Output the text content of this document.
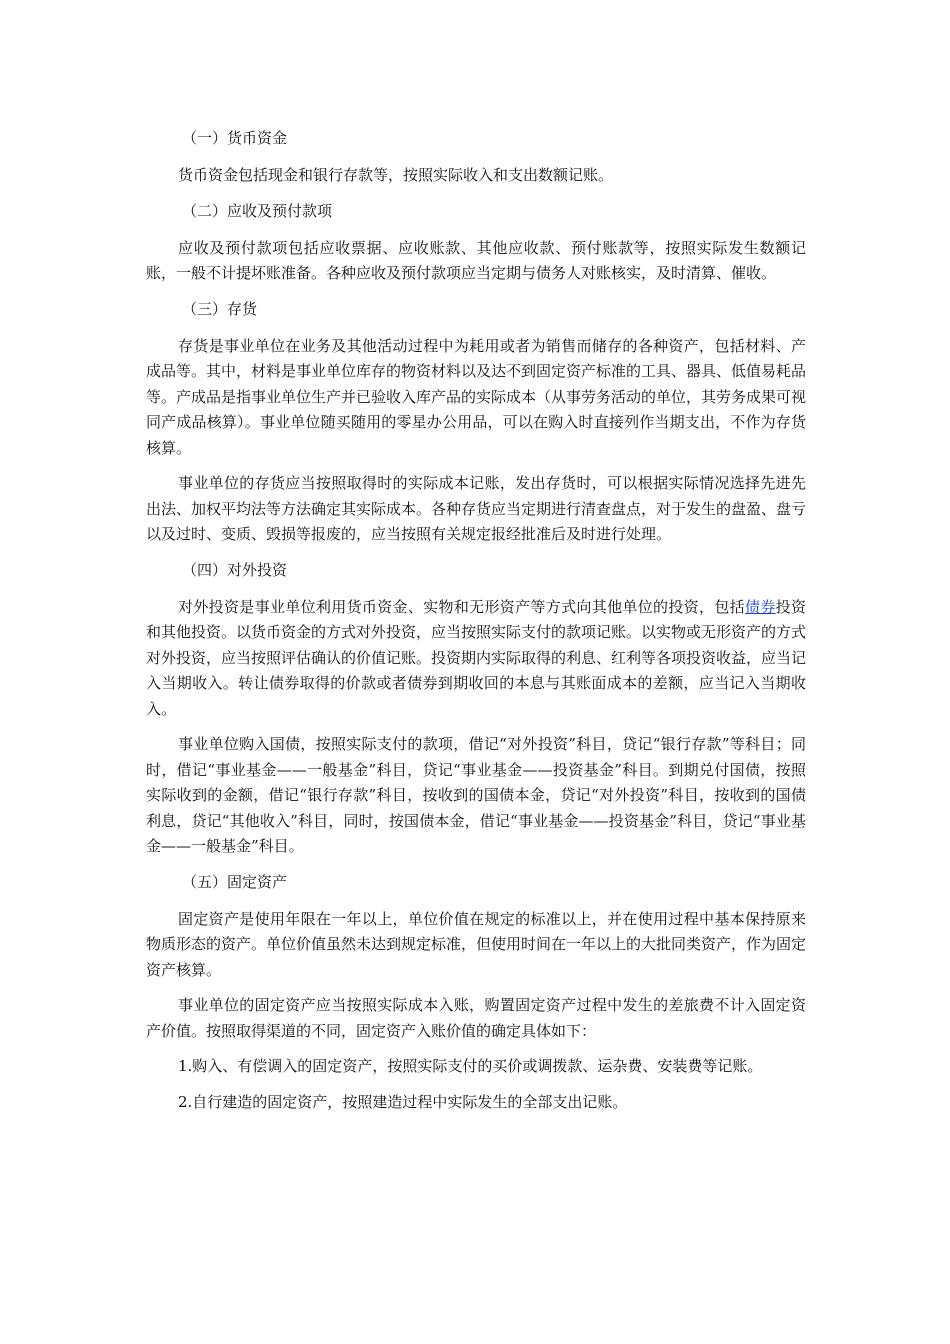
（一）货币资金

货币资金包括现金和银行存款等，按照实际收入和支出数额记账。

（二）应收及预付款项

应收及预付款项包括应收票据、应收账款、其他应收款、预付账款等，按照实际发生数额记账，一般不计提坏账准备。各种应收及预付款项应当定期与债务人对账核实，及时清算、催收。

（三）存货

存货是事业单位在业务及其他活动过程中为耗用或者为销售而储存的各种资产，包括材料、产成品等。其中，材料是事业单位库存的物资材料以及达不到固定资产标准的工具、器具、低值易耗品等。产成品是指事业单位生产并已验收入库产品的实际成本（从事劳务活动的单位，其劳务成果可视同产成品核算）。事业单位随买随用的零星办公用品，可以在购入时直接列作当期支出，不作为存货核算。

事业单位的存货应当按照取得时的实际成本记账，发出存货时，可以根据实际情况选择先进先出法、加权平均法等方法确定其实际成本。各种存货应当定期进行清查盘点，对于发生的盘盈、盘亏以及过时、变质、毁损等报废的，应当按照有关规定报经批准后及时进行处理。

（四）对外投资

对外投资是事业单位利用货币资金、实物和无形资产等方式向其他单位的投资，包括债券投资和其他投资。以货币资金的方式对外投资，应当按照实际支付的款项记账。以实物或无形资产的方式对外投资，应当按照评估确认的价值记账。投资期内实际取得的利息、红利等各项投资收益，应当记入当期收入。转让债券取得的价款或者债券到期收回的本息与其账面成本的差额，应当记入当期收入。

事业单位购入国债，按照实际支付的款项，借记“对外投资”科目，贷记“银行存款”等科目；同时，借记“事业基金——一般基金”科目，贷记“事业基金——投资基金”科目。到期兑付国债，按照实际收到的金额，借记“银行存款”科目，按收到的国债本金，贷记“对外投资”科目，按收到的国债利息，贷记“其他收入”科目，同时，按国债本金，借记“事业基金——投资基金”科目，贷记“事业基金——一般基金”科目。

（五）固定资产

固定资产是使用年限在一年以上，单位价值在规定的标准以上，并在使用过程中基本保持原来物质形态的资产。单位价值虽然未达到规定标准，但使用时间在一年以上的大批同类资产，作为固定资产核算。

事业单位的固定资产应当按照实际成本入账，购置固定资产过程中发生的差旅费不计入固定资产价值。按照取得渠道的不同，固定资产入账价值的确定具体如下：

1.购入、有偿调入的固定资产，按照实际支付的买价或调拨款、运杂费、安装费等记账。

2.自行建造的固定资产，按照建造过程中实际发生的全部支出记账。
